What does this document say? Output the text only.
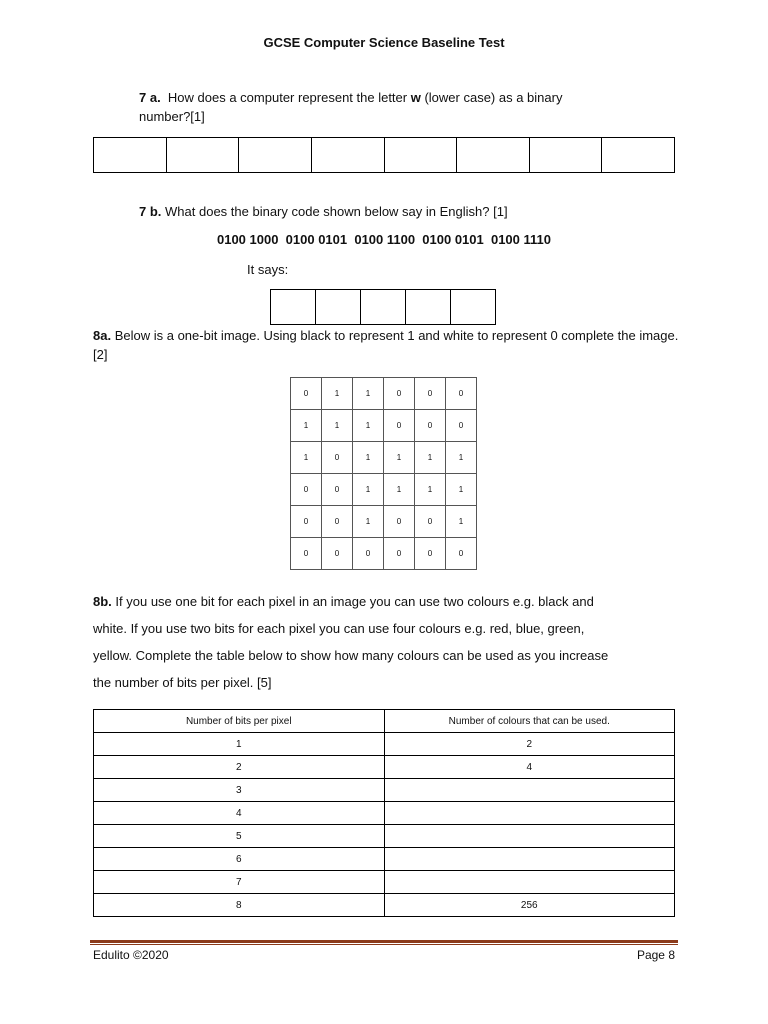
GCSE Computer Science Baseline Test
7 a. How does a computer represent the letter w (lower case) as a binary number?[1]

7 b. What does the binary code shown below say in English? [1]
0100 1000  0100 0101  0100 1100  0100 0101  0100 1110
It says:

8a. Below is a one-bit image. Using black to represent 1 and white to represent 0 complete the image. [2]
0	1	1	0	0	0
1	1	1	0	0	0
1	0	1	1	1	1
0	0	1	1	1	1
0	0	1	0	0	1
0	0	0	0	0	0
8b. If you use one bit for each pixel in an image you can use two colours e.g. black and
white. If you use two bits for each pixel you can use four colours e.g. red, blue, green,
yellow. Complete the table below to show how many colours can be used as you increase
the number of bits per pixel. [5]
Number of bits per pixel	Number of colours that can be used.
1	2
2	4
3	
4	
5	
6	
7	
8	256
Edulito ©2020	Page 8
